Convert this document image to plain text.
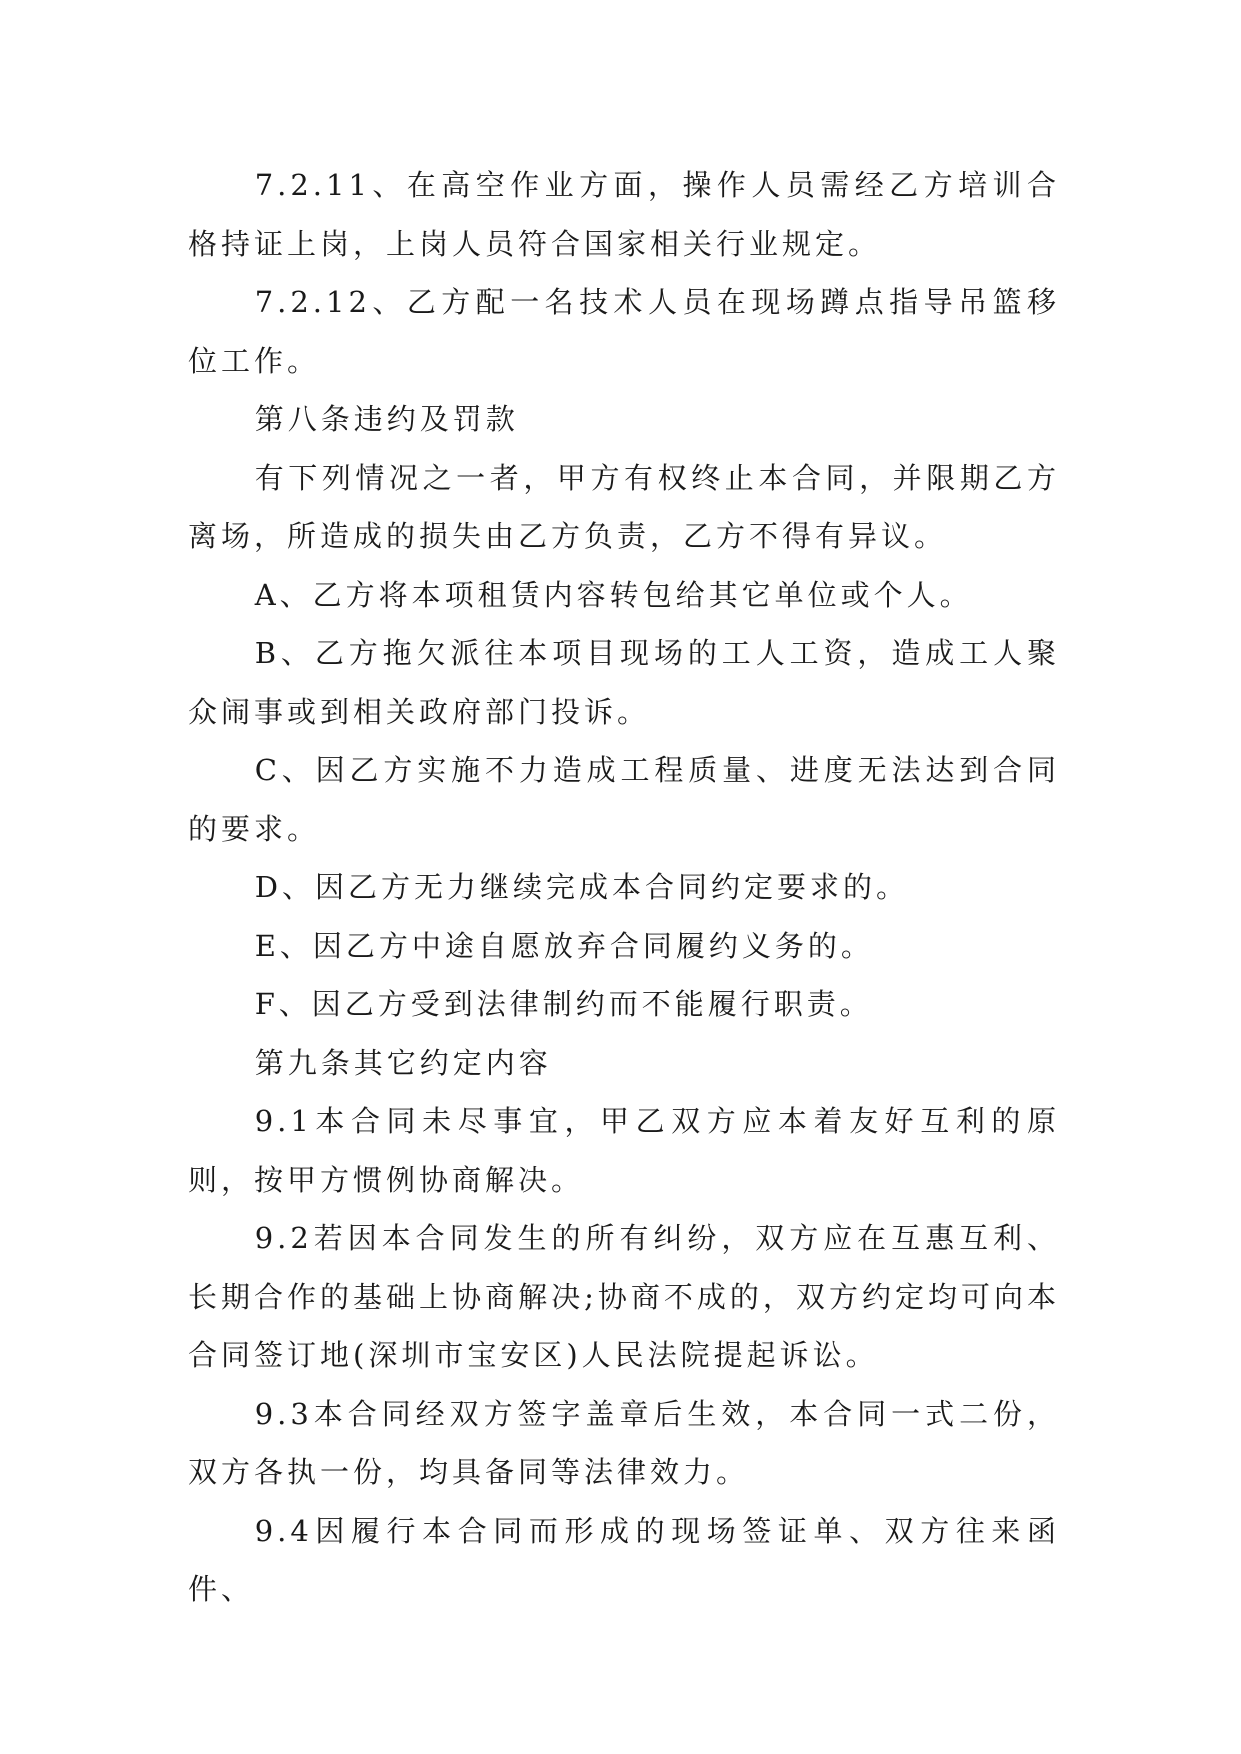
7.2.11、在高空作业方面，操作人员需经乙方培训合格持证上岗，上岗人员符合国家相关行业规定。

7.2.12、乙方配一名技术人员在现场蹲点指导吊篮移位工作。

第八条违约及罚款

有下列情况之一者，甲方有权终止本合同，并限期乙方离场，所造成的损失由乙方负责，乙方不得有异议。

A、乙方将本项租赁内容转包给其它单位或个人。

B、乙方拖欠派往本项目现场的工人工资，造成工人聚众闹事或到相关政府部门投诉。

C、因乙方实施不力造成工程质量、进度无法达到合同的要求。

D、因乙方无力继续完成本合同约定要求的。

E、因乙方中途自愿放弃合同履约义务的。

F、因乙方受到法律制约而不能履行职责。

第九条其它约定内容

9.1本合同未尽事宜，甲乙双方应本着友好互利的原则，按甲方惯例协商解决。

9.2若因本合同发生的所有纠纷，双方应在互惠互利、长期合作的基础上协商解决;协商不成的，双方约定均可向本合同签订地(深圳市宝安区)人民法院提起诉讼。

9.3本合同经双方签字盖章后生效，本合同一式二份，双方各执一份，均具备同等法律效力。

9.4因履行本合同而形成的现场签证单、双方往来函件、
